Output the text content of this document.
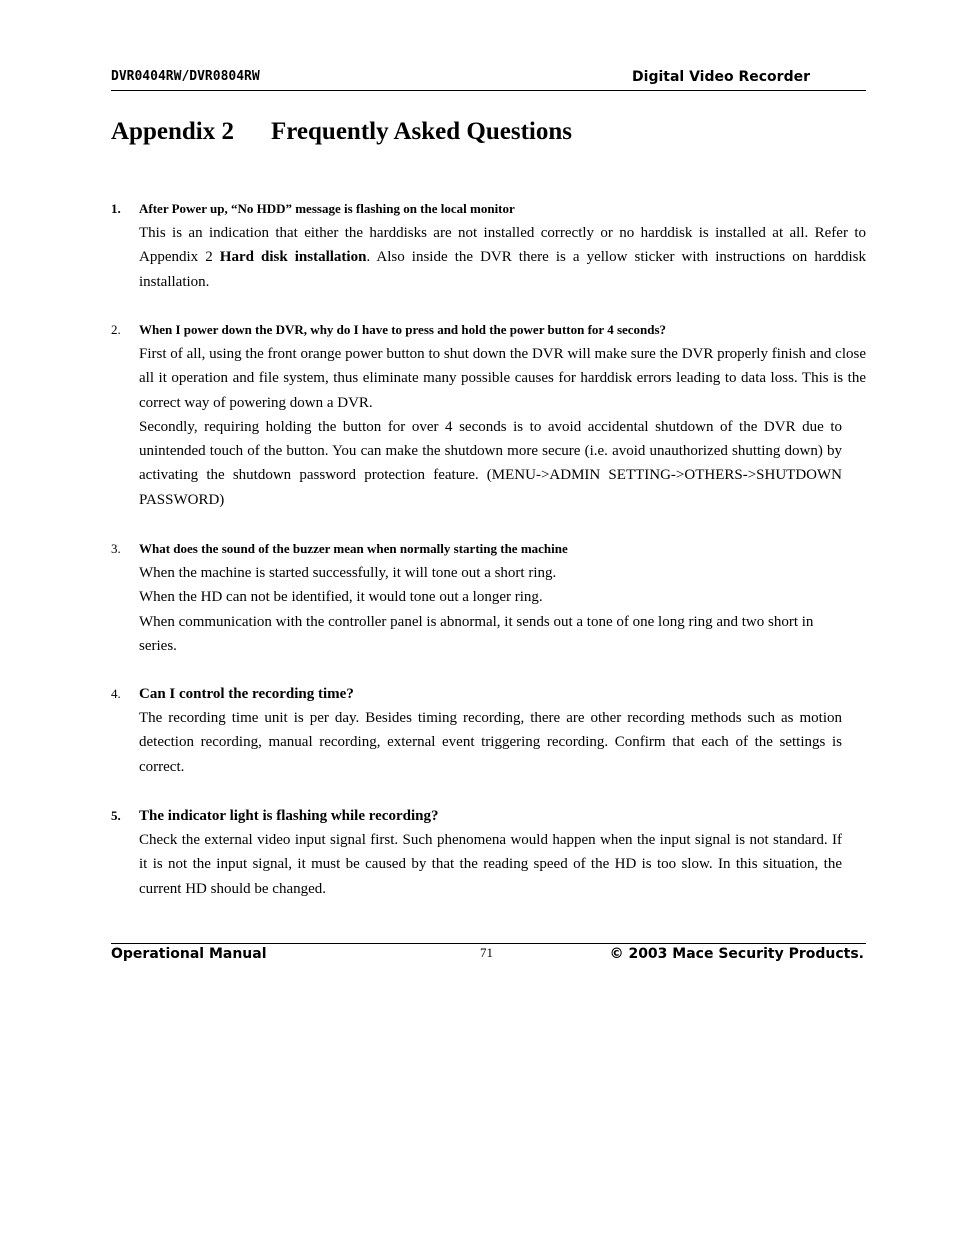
DVR0404RW/DVR0804RW	Digital Video Recorder
Appendix 2 Frequently Asked Questions
1. After Power up, “No HDD” message is flashing on the local monitor

This is an indication that either the harddisks are not installed correctly or no harddisk is installed at all. Refer to Appendix 2 Hard disk installation. Also inside the DVR there is a yellow sticker with instructions on harddisk installation.

2. When I power down the DVR, why do I have to press and hold the power button for 4 seconds?

First of all, using the front orange power button to shut down the DVR will make sure the DVR properly finish and close all it operation and file system, thus eliminate many possible causes for harddisk errors leading to data loss. This is the correct way of powering down a DVR.

Secondly, requiring holding the button for over 4 seconds is to avoid accidental shutdown of the DVR due to unintended touch of the button. You can make the shutdown more secure (i.e. avoid unauthorized shutting down) by activating the shutdown password protection feature. (MENU->ADMIN SETTING->OTHERS->SHUTDOWN PASSWORD)

3. What does the sound of the buzzer mean when normally starting the machine

When the machine is started successfully, it will tone out a short ring.

When the HD can not be identified, it would tone out a longer ring.

When communication with the controller panel is abnormal, it sends out a tone of one long ring and two short in series.

4. Can I control the recording time?

The recording time unit is per day. Besides timing recording, there are other recording methods such as motion detection recording, manual recording, external event triggering recording. Confirm that each of the settings is correct.

5. The indicator light is flashing while recording?

Check the external video input signal first. Such phenomena would happen when the input signal is not standard. If it is not the input signal, it must be caused by that the reading speed of the HD is too slow. In this situation, the current HD should be changed.

Operational Manual	71	© 2003 Mace Security Products.
